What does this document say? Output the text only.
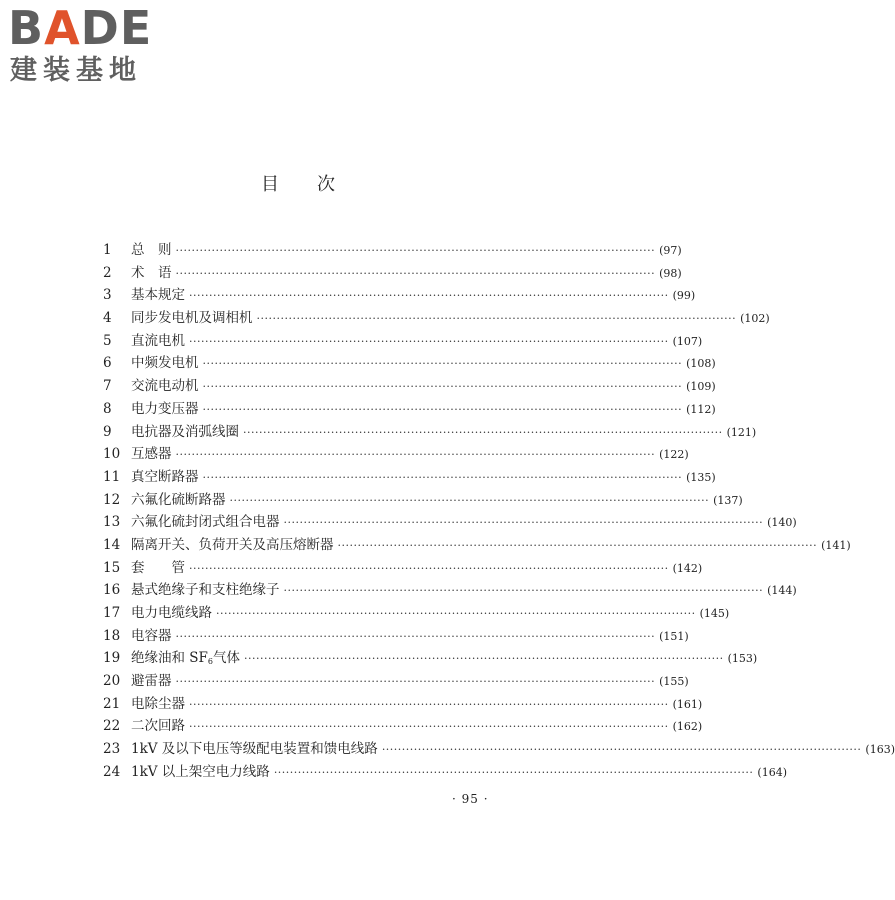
BADE
建装基地
目次
1	总　则 ························································································································ (97)
2	术　语 ························································································································ (98)
3	基本规定 ························································································································ (99)
4	同步发电机及调相机 ························································································································ (102)
5	直流电机 ························································································································ (107)
6	中频发电机 ························································································································ (108)
7	交流电动机 ························································································································ (109)
8	电力变压器 ························································································································ (112)
9	电抗器及消弧线圈 ························································································································ (121)
10 互感器 ························································································································ (122)
11 真空断路器 ························································································································ (135)
12 六氟化硫断路器 ························································································································ (137)
13 六氟化硫封闭式组合电器 ························································································································ (140)
14 隔离开关、负荷开关及高压熔断器 ························································································································ (141)
15 套　　管 ························································································································ (142)
16 悬式绝缘子和支柱绝缘子 ························································································································ (144)
17 电力电缆线路 ························································································································ (145)
18 电容器 ························································································································ (151)
19 绝缘油和 $SF_6$气体 ························································································································ (153)
20 避雷器 ························································································································ (155)
21 电除尘器 ························································································································ (161)
22 二次回路 ························································································································ (162)
23 1kV 及以下电压等级配电装置和馈电线路 ························································································································ (163)
24 1kV 以上架空电力线路 ························································································································ (164)
· 95 ·
